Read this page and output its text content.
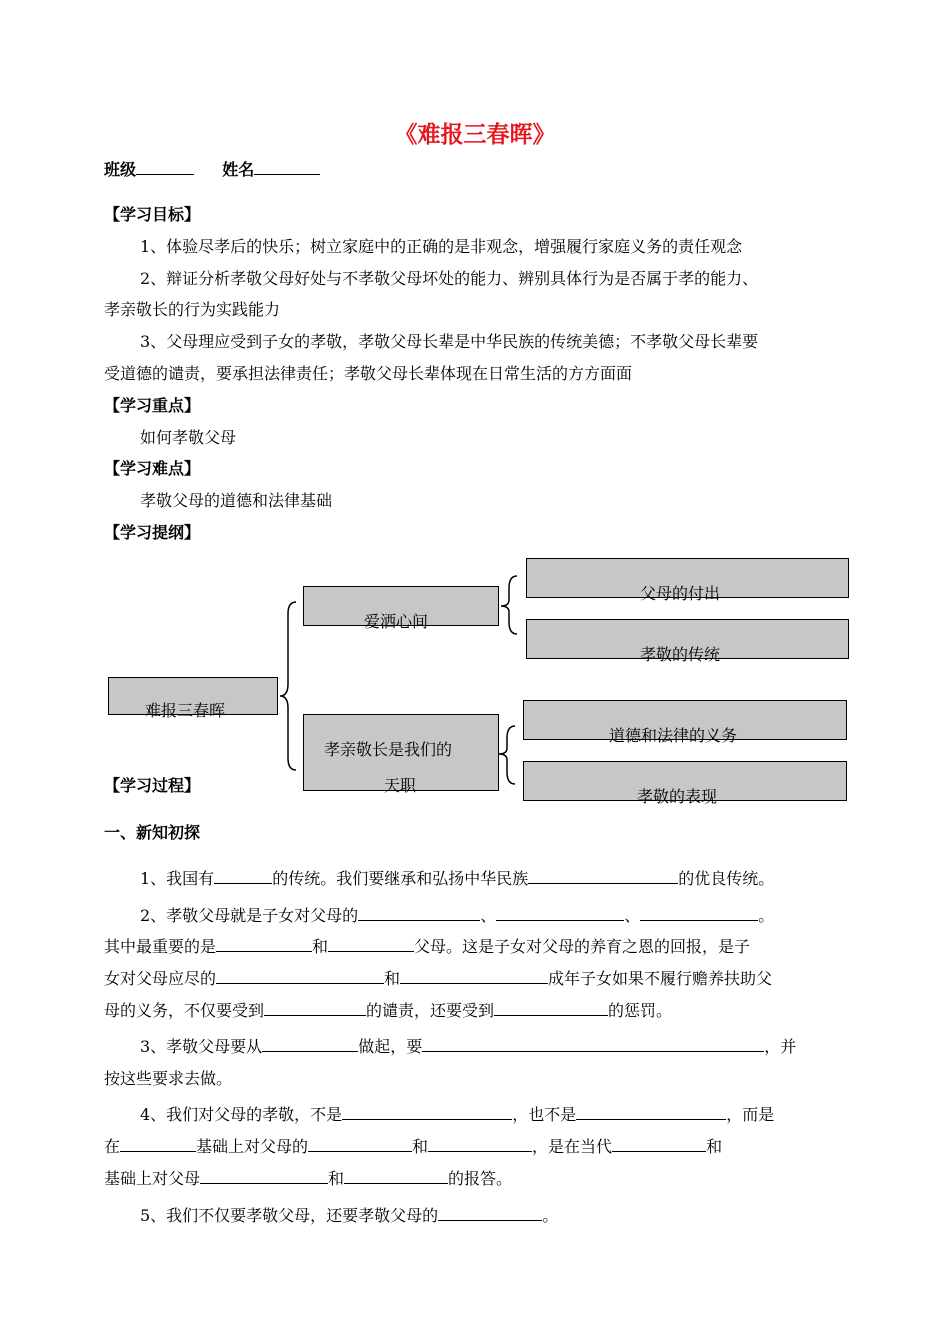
《难报三春晖》
班级	姓名
【学习目标】
1、体验尽孝后的快乐；树立家庭中的正确的是非观念，增强履行家庭义务的责任观念
2、辩证分析孝敬父母好处与不孝敬父母坏处的能力、辨别具体行为是否属于孝的能力、
孝亲敬长的行为实践能力
3、父母理应受到子女的孝敬，孝敬父母长辈是中华民族的传统美德；不孝敬父母长辈要
受道德的谴责，要承担法律责任；孝敬父母长辈体现在日常生活的方方面面
【学习重点】
如何孝敬父母
【学习难点】
孝敬父母的道德和法律基础
【学习提纲】
难报三春晖
爱洒心间
孝亲敬长是我们的
天职
父母的付出
孝敬的传统
道德和法律的义务
孝敬的表现
【学习过程】
一、新知初探
1、我国有	的传统。我们要继承和弘扬中华民族	的优良传统。
2、孝敬父母就是子女对父母的	、	、	。
其中最重要的是	和	父母。这是子女对父母的养育之恩的回报，是子
女对父母应尽的	和	成年子女如果不履行赡养扶助父
母的义务，不仅要受到	的谴责，还要受到	的惩罚。
3、孝敬父母要从	做起，要	，并
按这些要求去做。
4、我们对父母的孝敬，不是	，也不是	，而是
在	基础上对父母的	和	，是在当代	和
基础上对父母	和	的报答。
5、我们不仅要孝敬父母，还要孝敬父母的	。
